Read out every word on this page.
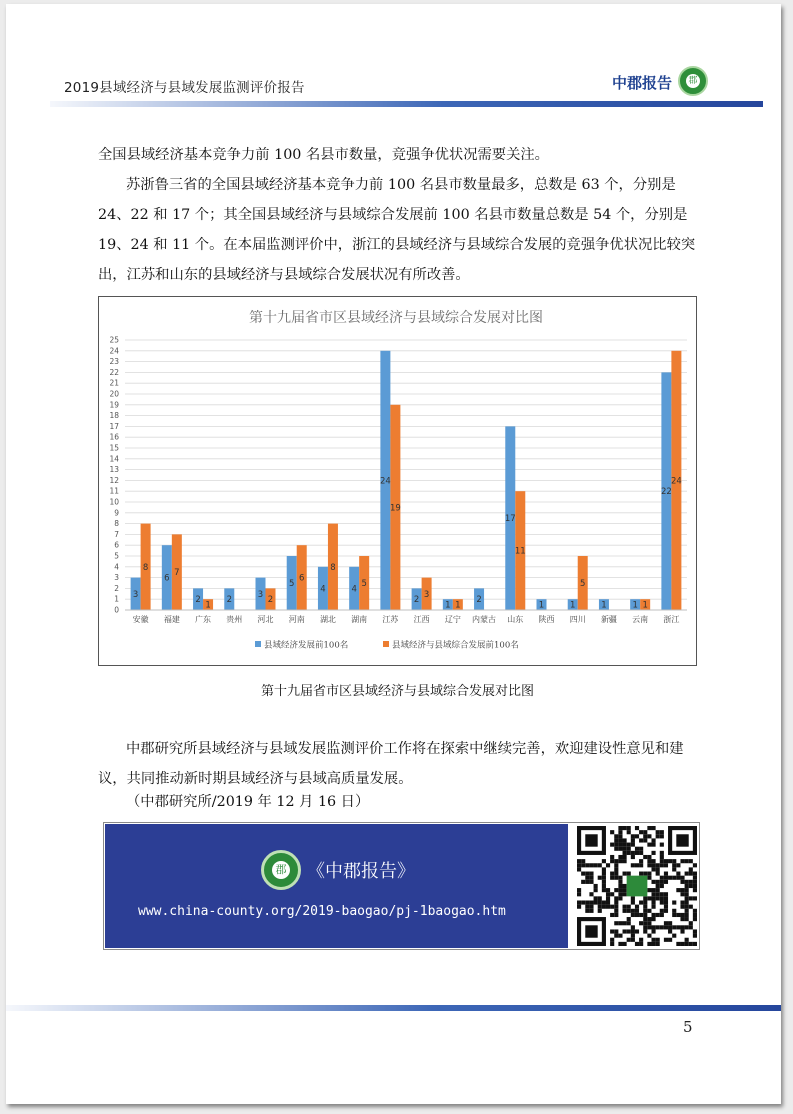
2019县域经济与县域发展监测评价报告	中郡报告 郡
全国县域经济基本竞争力前 100 名县市数量，竞强争优状况需要关注。
苏浙鲁三省的全国县域经济基本竞争力前 100 名县市数量最多，总数是 63 个，分别是 24、22 和 17 个；其全国县域经济与县域综合发展前 100 名县市数量总数是 54 个，分别是 19、24 和 11 个。在本届监测评价中，浙江的县域经济与县域综合发展的竞强争优状况比较突出，江苏和山东的县域经济与县域综合发展状况有所改善。
第十九届省市区县域经济与县域综合发展对比图
0
1
2
3
4
5
6
7
8
9
10
11
12
13
14
15
16
17
18
19
20
21
22
23
24
25
3
8
安徽
6
7
福建
2
1
广东
2
贵州
3
2
河北
5
6
河南
4
8
湖北
4
5
湖南
24
19
江苏
2
3
江西
1 1
辽宁
2
内蒙古
17
11
山东
1
陕西
1
5
四川
1
新疆
1 1
云南
22
24
浙江
县域经济发展前100名	县域经济与县域综合发展前100名
第十九届省市区县域经济与县域综合发展对比图
中郡研究所县域经济与县域发展监测评价工作将在探索中继续完善，欢迎建设性意见和建议，共同推动新时期县域经济与县域高质量发展。
（中郡研究所/2019 年 12 月 16 日）
郡 《中郡报告》
www.china-county.org/2019-baogao/pj-1baogao.htm
5
